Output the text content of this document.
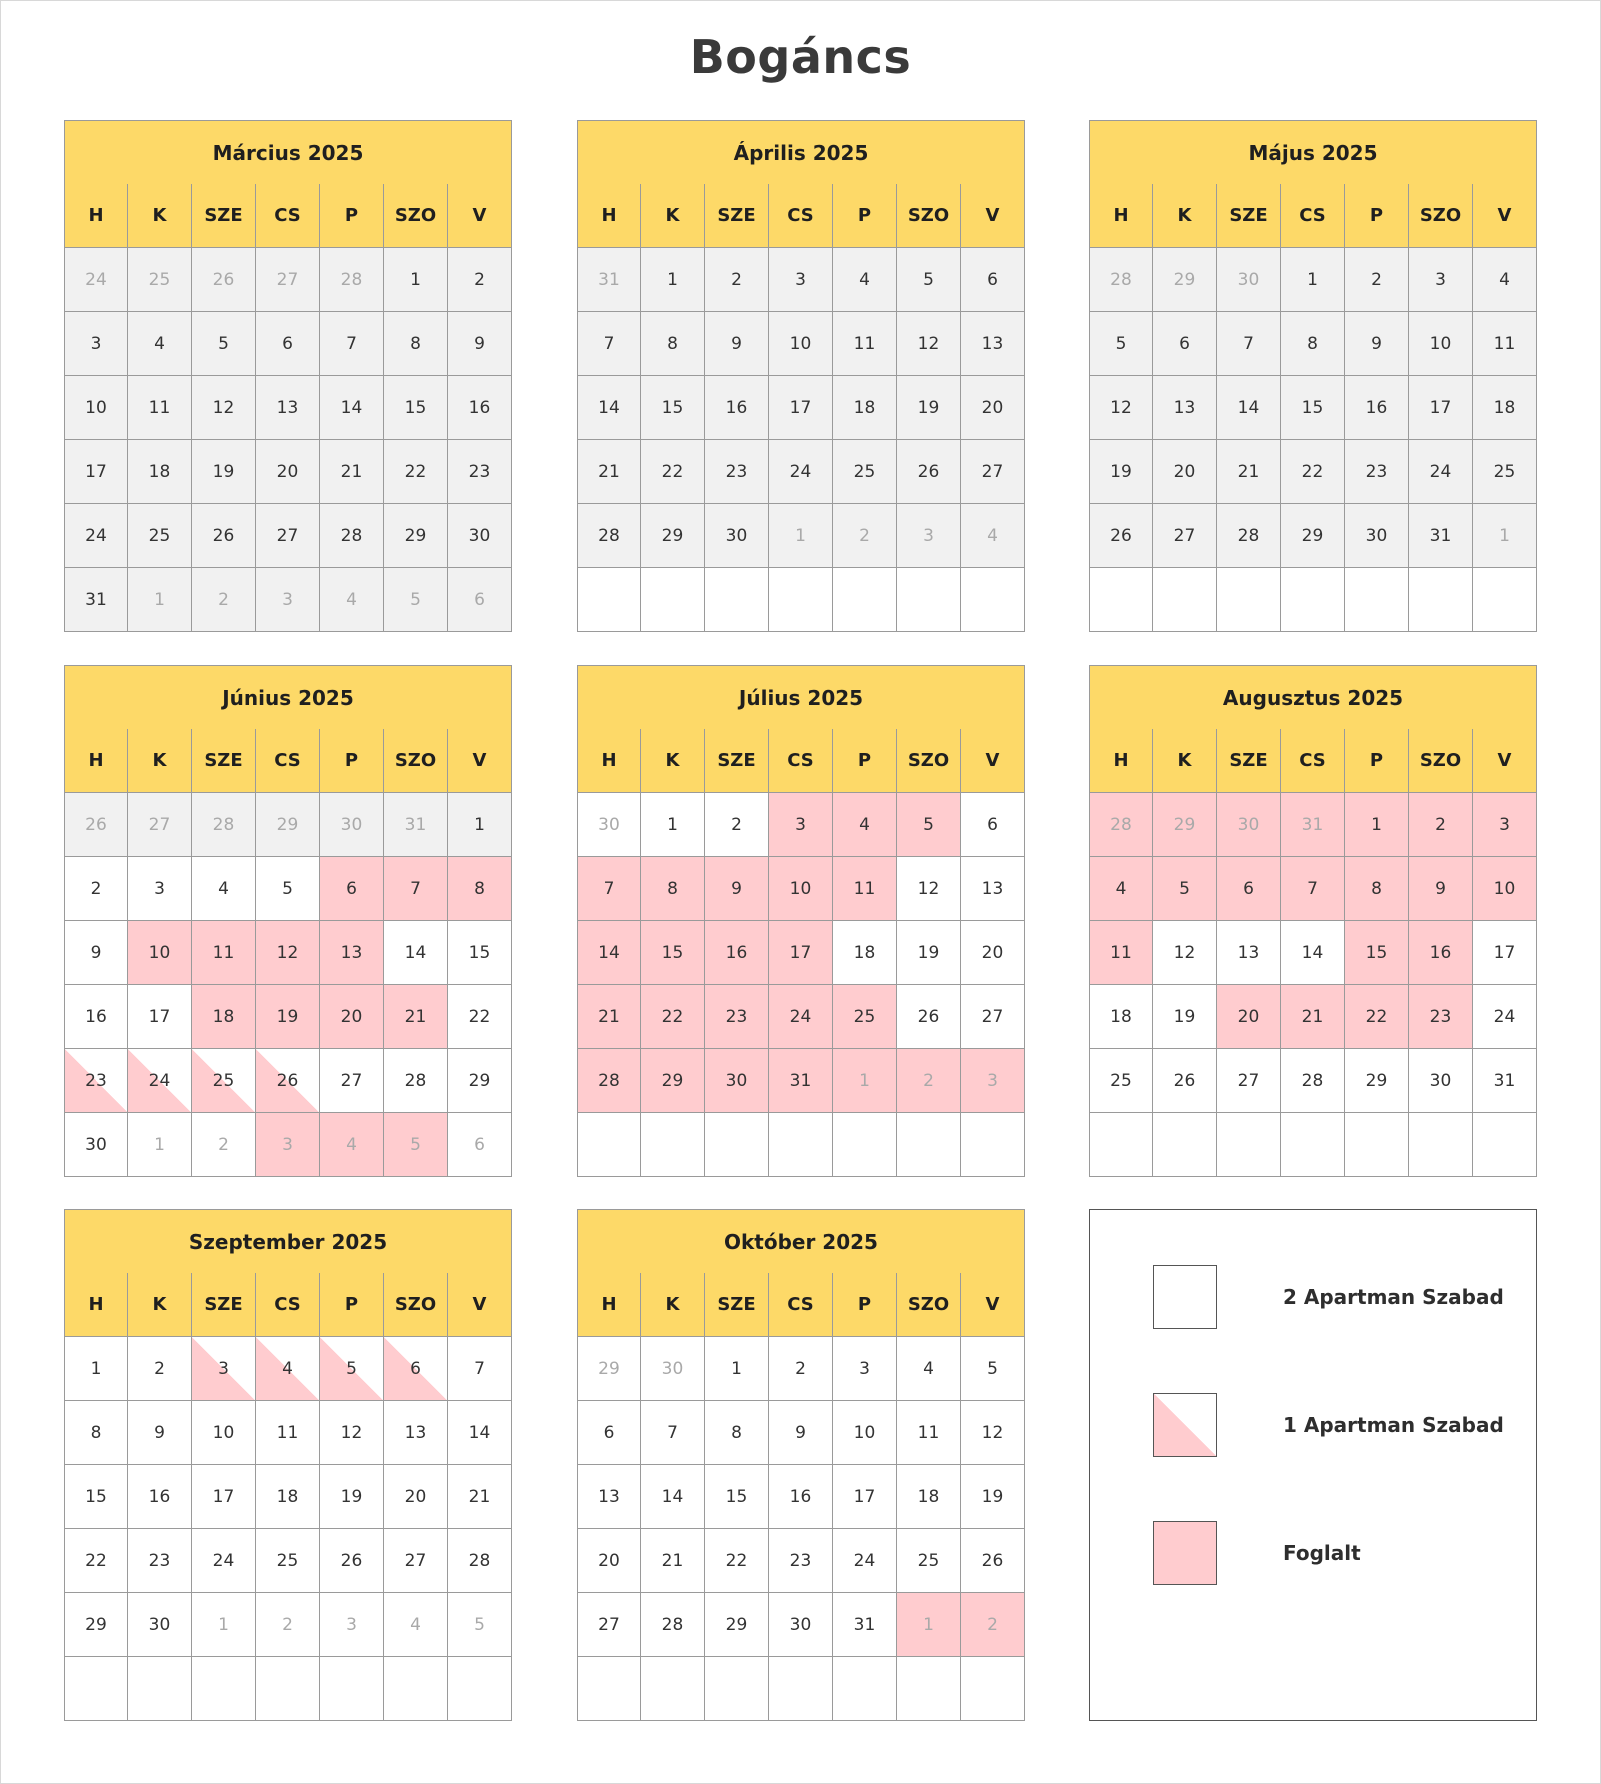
Bogáncs
Március 2025
H	K	SZE	CS	P	SZO	V
24	25	26	27	28	1	2
3	4	5	6	7	8	9
10	11	12	13	14	15	16
17	18	19	20	21	22	23
24	25	26	27	28	29	30
31	1	2	3	4	5	6
Április 2025
H	K	SZE	CS	P	SZO	V
31	1	2	3	4	5	6
7	8	9	10	11	12	13
14	15	16	17	18	19	20
21	22	23	24	25	26	27
28	29	30	1	2	3	4
Május 2025
H	K	SZE	CS	P	SZO	V
28	29	30	1	2	3	4
5	6	7	8	9	10	11
12	13	14	15	16	17	18
19	20	21	22	23	24	25
26	27	28	29	30	31	1
Június 2025
H	K	SZE	CS	P	SZO	V
26	27	28	29	30	31	1
2	3	4	5	6	7	8
9	10	11	12	13	14	15
16	17	18	19	20	21	22
23	24	25	26	27	28	29
30	1	2	3	4	5	6
Július 2025
H	K	SZE	CS	P	SZO	V
30	1	2	3	4	5	6
7	8	9	10	11	12	13
14	15	16	17	18	19	20
21	22	23	24	25	26	27
28	29	30	31	1	2	3
Augusztus 2025
H	K	SZE	CS	P	SZO	V
28	29	30	31	1	2	3
4	5	6	7	8	9	10
11	12	13	14	15	16	17
18	19	20	21	22	23	24
25	26	27	28	29	30	31
Szeptember 2025
H	K	SZE	CS	P	SZO	V
1	2	3	4	5	6	7
8	9	10	11	12	13	14
15	16	17	18	19	20	21
22	23	24	25	26	27	28
29	30	1	2	3	4	5
Október 2025
H	K	SZE	CS	P	SZO	V
29	30	1	2	3	4	5
6	7	8	9	10	11	12
13	14	15	16	17	18	19
20	21	22	23	24	25	26
27	28	29	30	31	1	2
2 Apartman Szabad
1 Apartman Szabad
Foglalt
